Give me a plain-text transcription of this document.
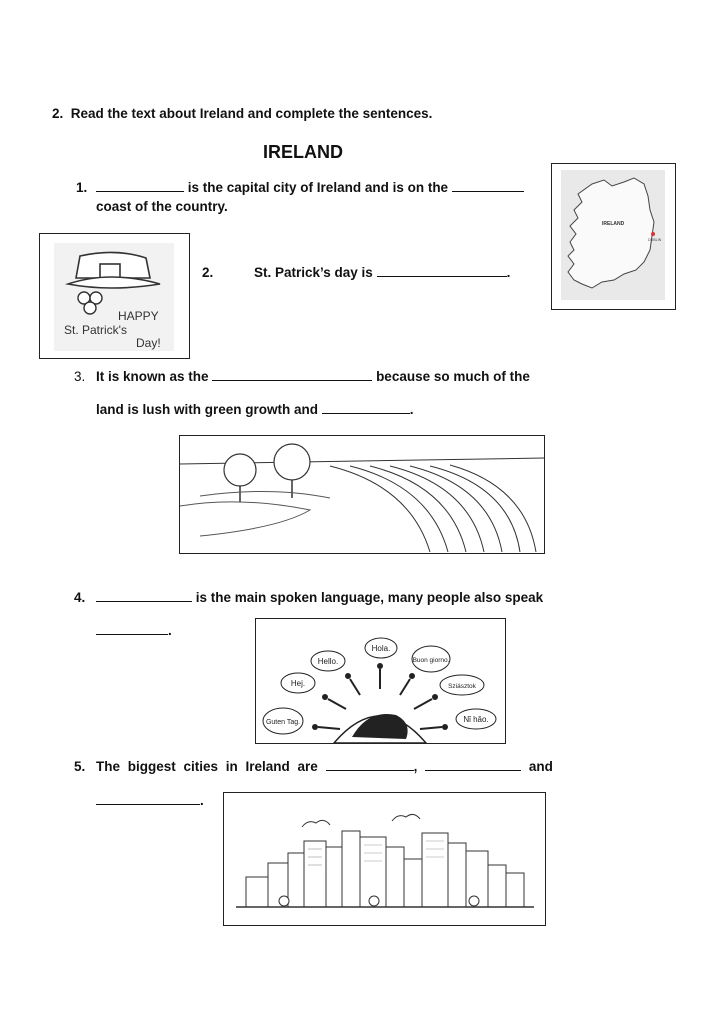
2. Read the text about Ireland and complete the sentences.
IRELAND
1.	is the capital city of Ireland and is on the
coast of the country.
IRELAND
DUBLIN
HAPPY
St. Patrick's
Day!
2.	St. Patrick’s day is	.
3. It is known as the	because so much of the
land is lush with green growth and	.
4.	is the main spoken language, many people also speak
.
Hola.
Hello.	Buon giorno.
Hej.	Sziásztok
Guten Tag.	Nǐ hǎo.
5. The biggest cities in Ireland are	,	and
.
